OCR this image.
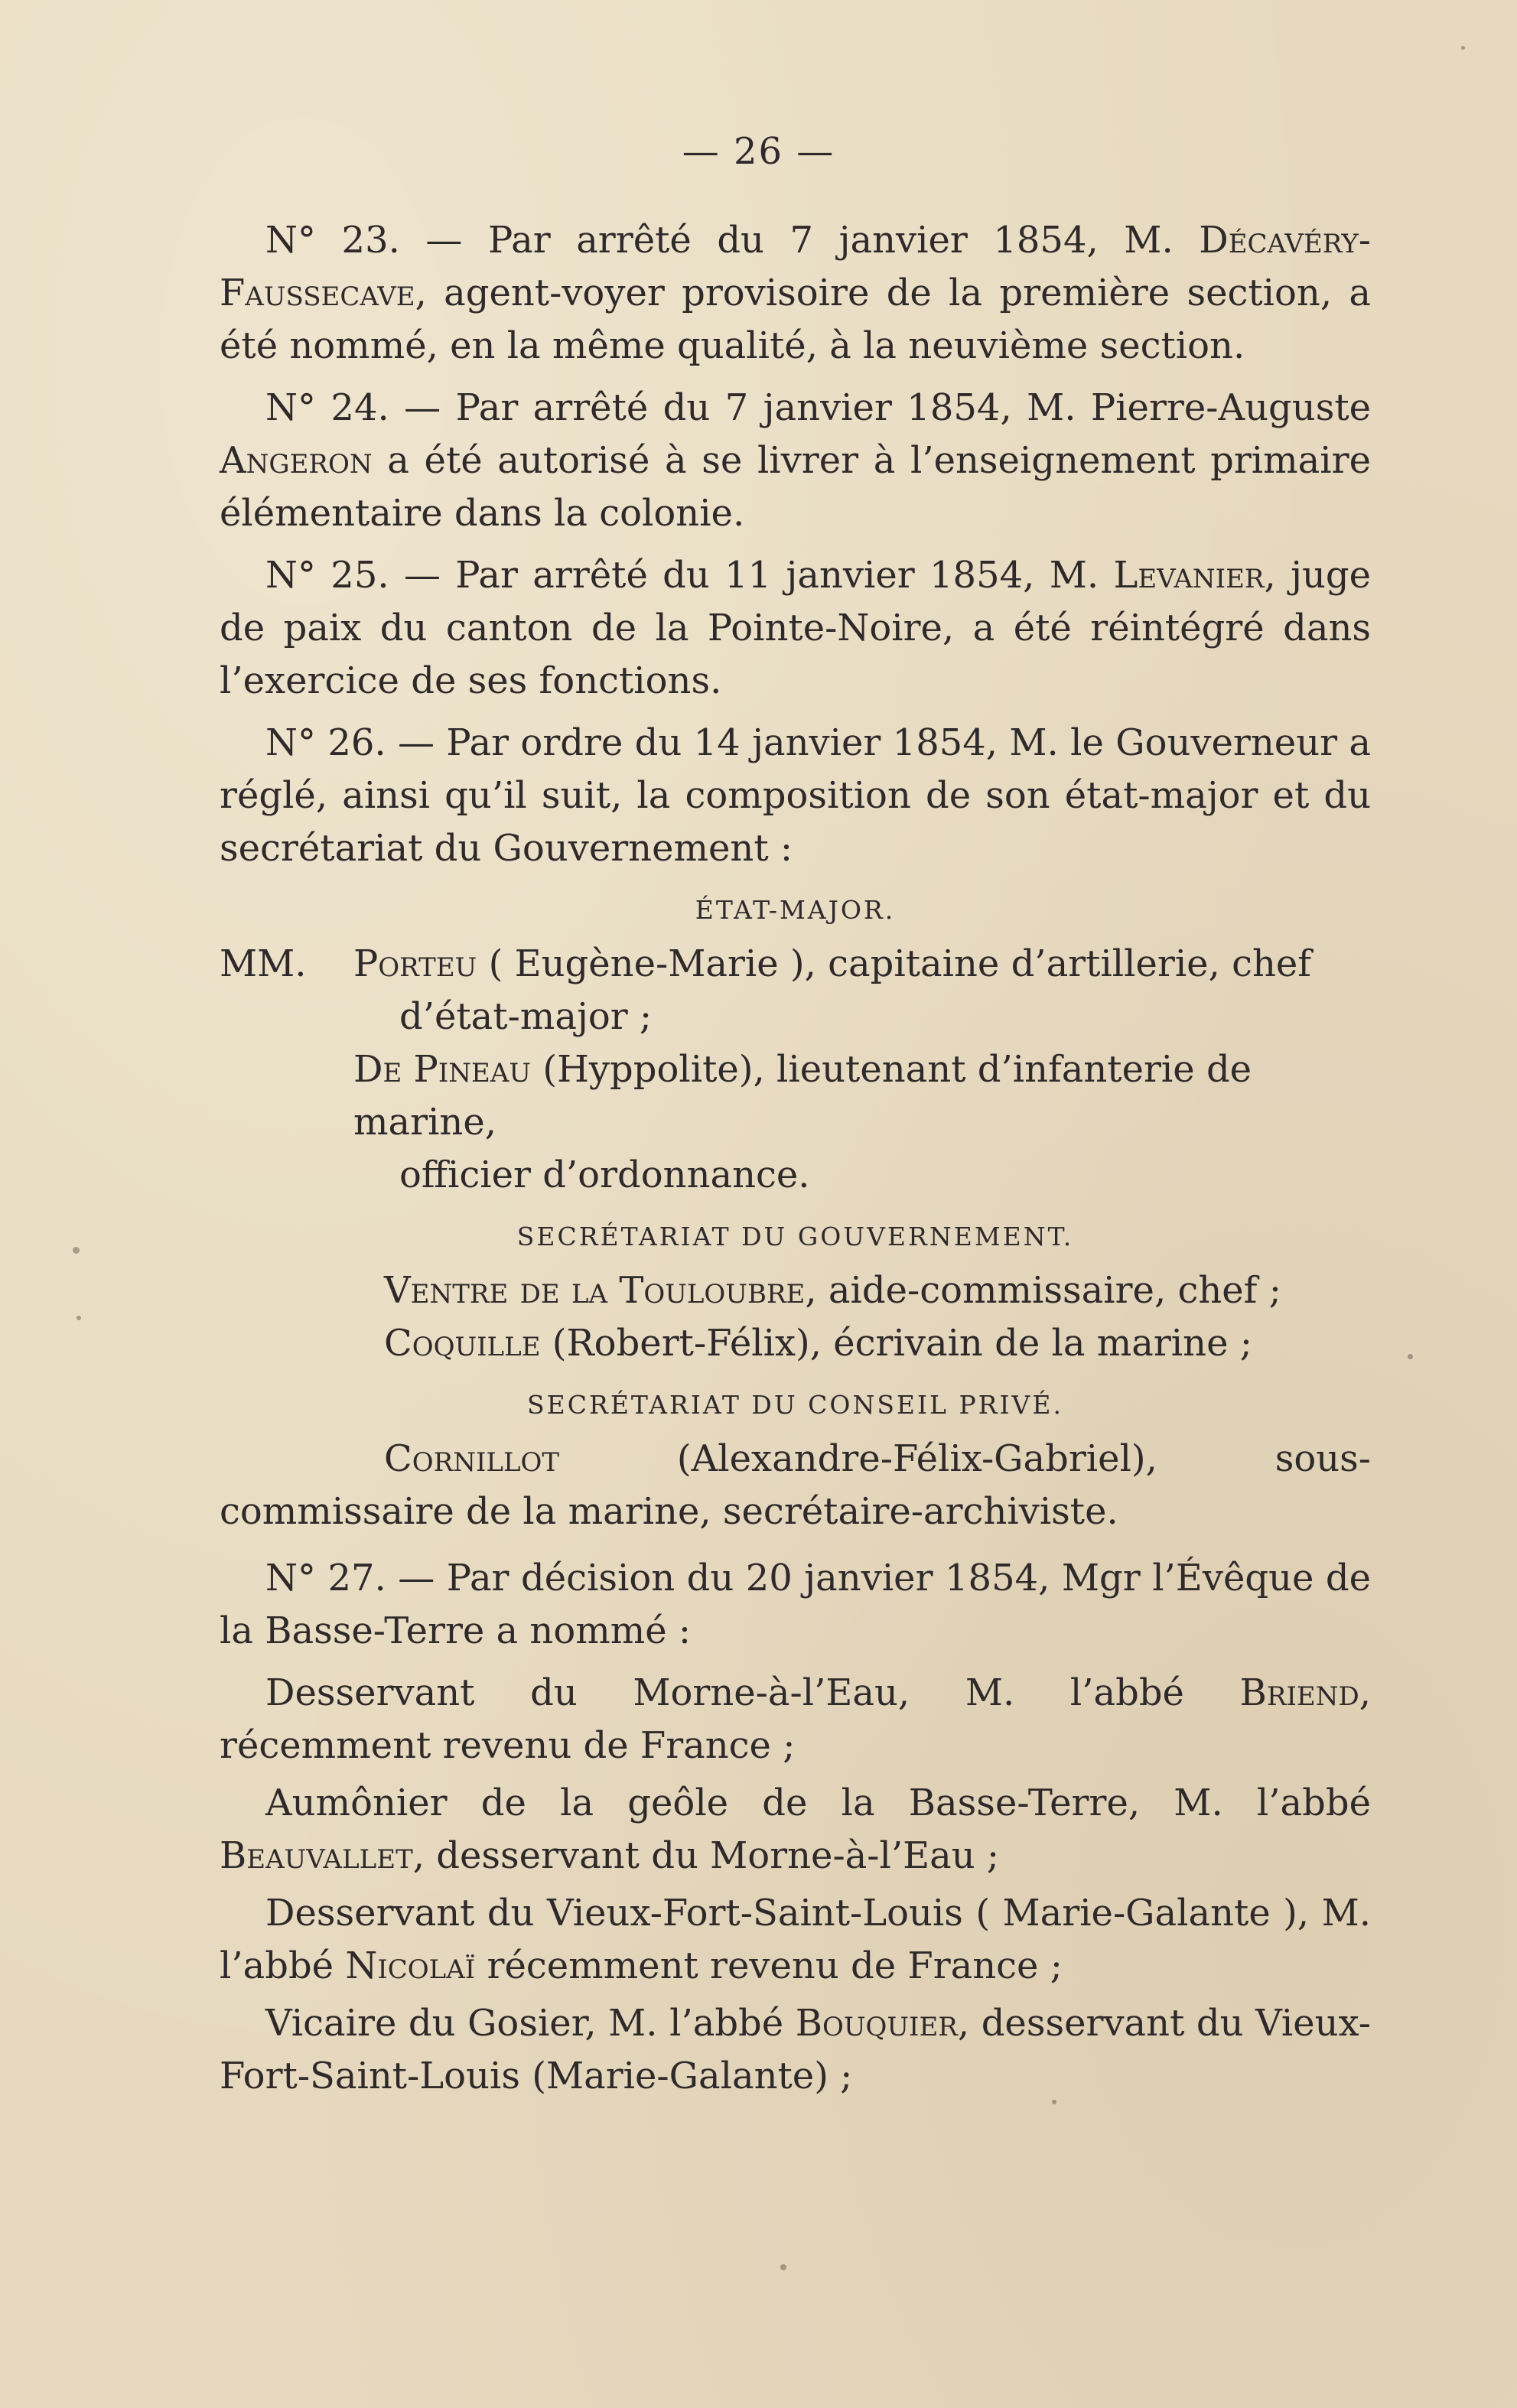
— 26 —

N° 23. — Par arrêté du 7 janvier 1854, M. Décavéry-Faussecave, agent-voyer provisoire de la première section, a été nommé, en la même qualité, à la neuvième section.

N° 24. — Par arrêté du 7 janvier 1854, M. Pierre-Auguste Angeron a été autorisé à se livrer à l’enseignement primaire élémentaire dans la colonie.

N° 25. — Par arrêté du 11 janvier 1854, M. Levanier, juge de paix du canton de la Pointe-Noire, a été réintégré dans l’exercice de ses fonctions.

N° 26. — Par ordre du 14 janvier 1854, M. le Gouverneur a réglé, ainsi qu’il suit, la composition de son état-major et du secrétariat du Gouvernement :

ÉTAT-MAJOR.
MM.	Porteu ( Eugène-Marie ), capitaine d’artillerie, chef
d’état-major ;
De Pineau (Hyppolite), lieutenant d’infanterie de marine,
officier d’ordonnance.
SECRÉTARIAT DU GOUVERNEMENT.

Ventre de la Touloubre, aide-commissaire, chef ;

Coquille (Robert-Félix), écrivain de la marine ;

SECRÉTARIAT DU CONSEIL PRIVÉ.

Cornillot (Alexandre-Félix-Gabriel), sous-commissaire de la marine, secrétaire-archiviste.

N° 27. — Par décision du 20 janvier 1854, Mgr l’Évêque de la Basse-Terre a nommé :

Desservant du Morne-à-l’Eau, M. l’abbé Briend, récemment revenu de France ;

Aumônier de la geôle de la Basse-Terre, M. l’abbé Beauvallet, desservant du Morne-à-l’Eau ;

Desservant du Vieux-Fort-Saint-Louis ( Marie-Galante ), M. l’abbé Nicolaï récemment revenu de France ;

Vicaire du Gosier, M. l’abbé Bouquier, desservant du Vieux-Fort-Saint-Louis (Marie-Galante) ;
